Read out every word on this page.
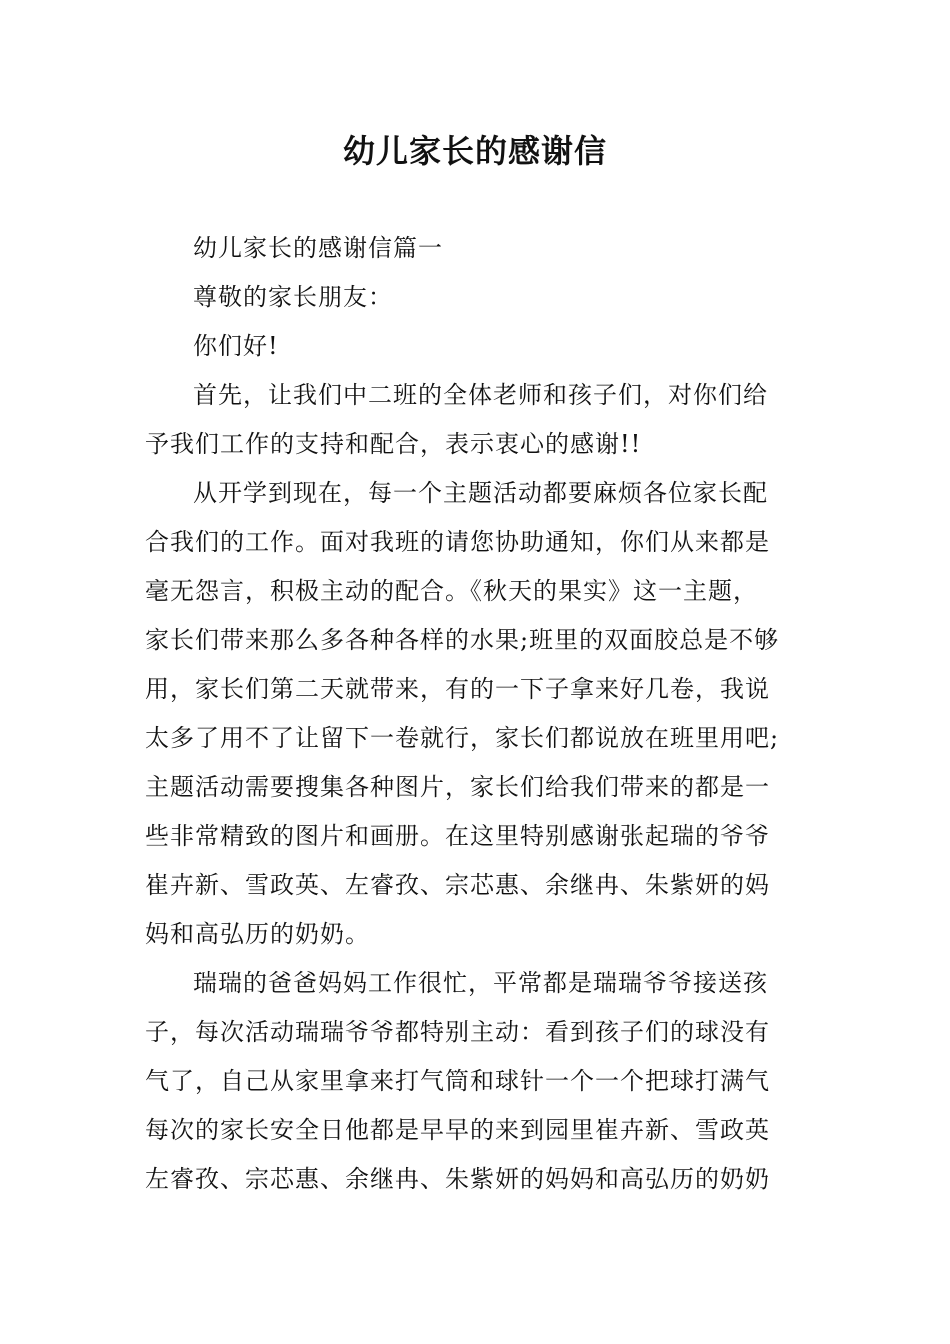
幼儿家长的感谢信

幼儿家长的感谢信篇一

尊敬的家长朋友：

你们好!

首先，让我们中二班的全体老师和孩子们，对你们给
予我们工作的支持和配合，表示衷心的感谢!!
从开学到现在，每一个主题活动都要麻烦各位家长配
合我们的工作。面对我班的请您协助通知，你们从来都是
毫无怨言，积极主动的配合。《秋天的果实》这一主题，
家长们带来那么多各种各样的水果;班里的双面胶总是不够
用，家长们第二天就带来，有的一下子拿来好几卷，我说
太多了用不了让留下一卷就行，家长们都说放在班里用吧;
主题活动需要搜集各种图片，家长们给我们带来的都是一
些非常精致的图片和画册。在这里特别感谢张起瑞的爷爷
崔卉新、雪政英、左睿孜、宗芯惠、余继冉、朱紫妍的妈
妈和高弘历的奶奶。
瑞瑞的爸爸妈妈工作很忙，平常都是瑞瑞爷爷接送孩
子，每次活动瑞瑞爷爷都特别主动：看到孩子们的球没有
气了，自己从家里拿来打气筒和球针一个一个把球打满气
每次的家长安全日他都是早早的来到园里崔卉新、雪政英
左睿孜、宗芯惠、余继冉、朱紫妍的妈妈和高弘历的奶奶
